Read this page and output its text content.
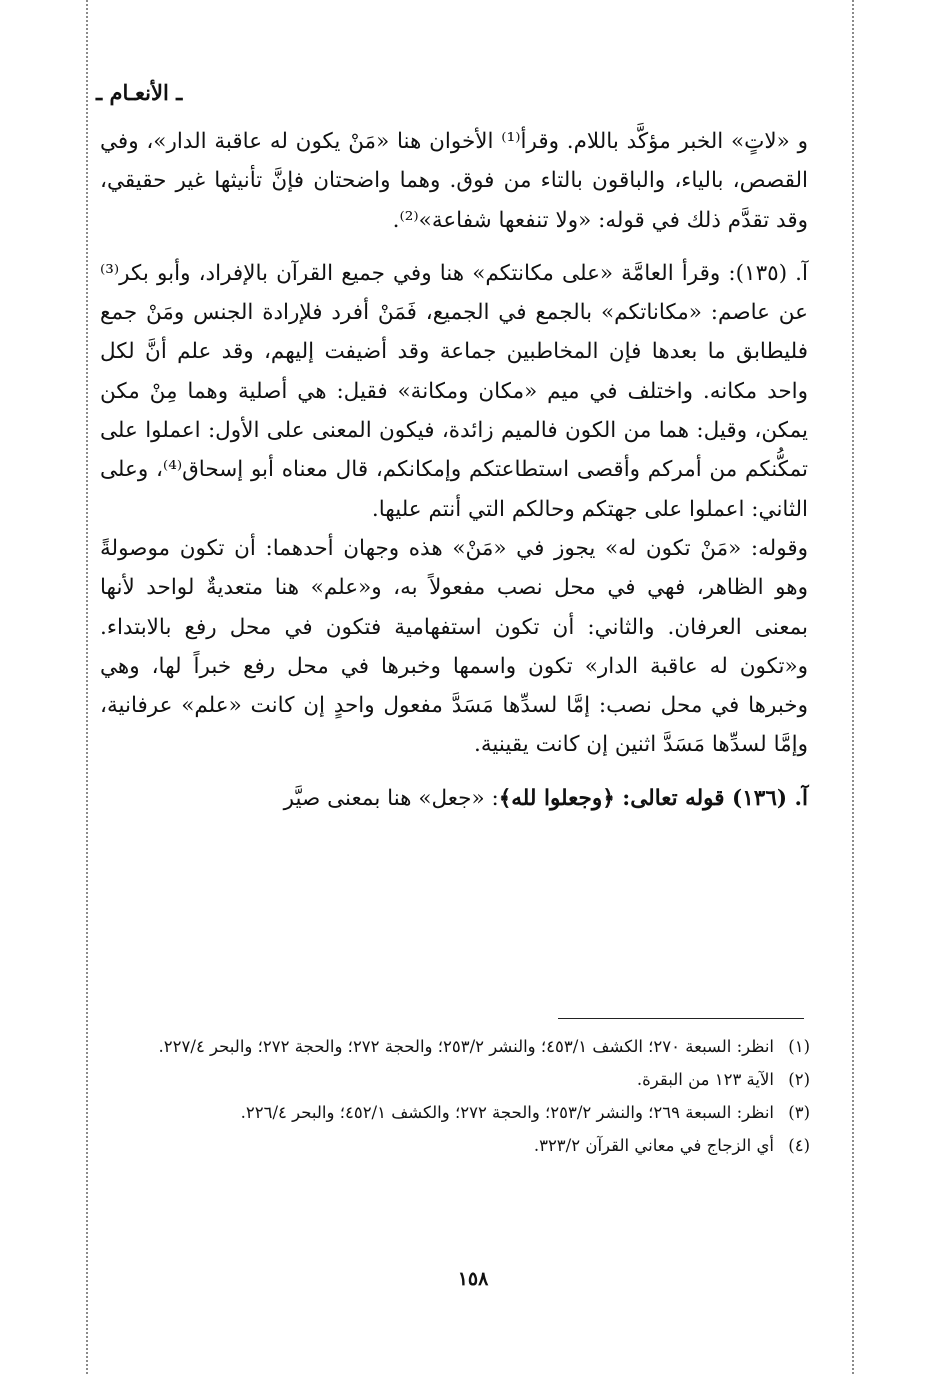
ـ الأنعـام ـ

و «لاتٍ» الخبر مؤكَّد باللام. وقرأ⁽¹⁾ الأخوان هنا «مَنْ يكون له عاقبة الدار»، وفي القصص، بالياء، والباقون بالتاء من فوق. وهما واضحتان فإنَّ تأنيثها غير حقيقي، وقد تقدَّم ذلك في قوله: «ولا تنفعها شفاعة»⁽²⁾.

آ. (١٣٥): وقرأ العامَّة «على مكانتكم» هنا وفي جميع القرآن بالإفراد، وأبو بكر⁽³⁾ عن عاصم: «مكاناتكم» بالجمع في الجميع، فَمَنْ أفرد فلإرادة الجنس ومَنْ جمع فليطابق ما بعدها فإن المخاطبين جماعة وقد أضيفت إليهم، وقد علم أنَّ لكل واحد مكانه. واختلف في ميم «مكان ومكانة» فقيل: هي أصلية وهما مِنْ مكن يمكن، وقيل: هما من الكون فالميم زائدة، فيكون المعنى على الأول: اعملوا على تمكُّنكم من أمركم وأقصى استطاعتكم وإمكانكم، قال معناه أبو إسحاق⁽⁴⁾، وعلى الثاني: اعملوا على جهتكم وحالكم التي أنتم عليها.

وقوله: «مَنْ تكون له» يجوز في «مَنْ» هذه وجهان أحدهما: أن تكون موصولةً وهو الظاهر، فهي في محل نصب مفعولاً به، و«علم» هنا متعديةٌ لواحد لأنها بمعنى العرفان. والثاني: أن تكون استفهامية فتكون في محل رفع بالابتداء. و«تكون له عاقبة الدار» تكون واسمها وخبرها في محل رفع خبراً لها، وهي وخبرها في محل نصب: إمَّا لسدِّها مَسَدَّ مفعول واحدٍ إن كانت «علم» عرفانية، وإمَّا لسدِّها مَسَدَّ اثنين إن كانت يقينية.

آ. (١٣٦) قوله تعالى: ﴿وجعلوا لله﴾: «جعل» هنا بمعنى صيَّر

(١)
انظر: السبعة ٢٧٠؛ الكشف ٤٥٣/١؛ والنشر ٢٥٣/٢؛ والحجة ٢٧٢؛ والحجة ٢٧٢؛ والبحر ٢٢٧/٤.
(٢)
الآية ١٢٣ من البقرة.
(٣)
انظر: السبعة ٢٦٩؛ والنشر ٢٥٣/٢؛ والحجة ٢٧٢؛ والكشف ٤٥٢/١؛ والبحر ٢٢٦/٤.
(٤)
أي الزجاج في معاني القرآن ٣٢٣/٢.
١٥٨
